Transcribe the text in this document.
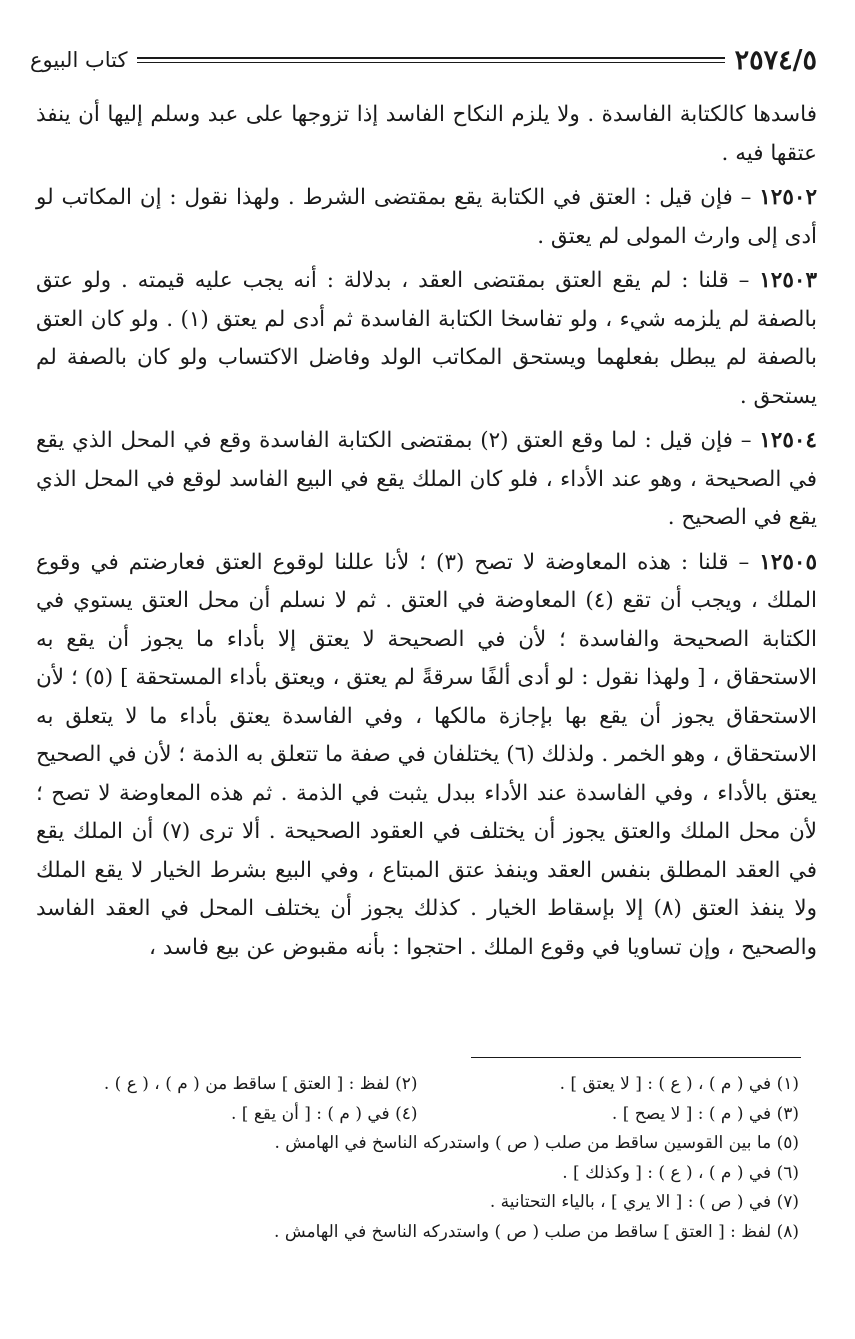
٢٥٧٤/٥
كتاب البيوع

فاسدها كالكتابة الفاسدة . ولا يلزم النكاح الفاسد إذا تزوجها على عبد وسلم إليها أن ينفذ عتقها فيه .

١٢٥٠٢ – فإن قيل : العتق في الكتابة يقع بمقتضى الشرط . ولهذا نقول : إن المكاتب لو أدى إلى وارث المولى لم يعتق .

١٢٥٠٣ – قلنا : لم يقع العتق بمقتضى العقد ، بدلالة : أنه يجب عليه قيمته . ولو عتق بالصفة لم يلزمه شيء ، ولو تفاسخا الكتابة الفاسدة ثم أدى لم يعتق (١) . ولو كان العتق بالصفة لم يبطل بفعلهما ويستحق المكاتب الولد وفاضل الاكتساب ولو كان بالصفة لم يستحق .

١٢٥٠٤ – فإن قيل : لما وقع العتق (٢) بمقتضى الكتابة الفاسدة وقع في المحل الذي يقع في الصحيحة ، وهو عند الأداء ، فلو كان الملك يقع في البيع الفاسد لوقع في المحل الذي يقع في الصحيح .

١٢٥٠٥ – قلنا : هذه المعاوضة لا تصح (٣) ؛ لأنا عللنا لوقوع العتق فعارضتم في وقوع الملك ، ويجب أن تقع (٤) المعاوضة في العتق . ثم لا نسلم أن محل العتق يستوي في الكتابة الصحيحة والفاسدة ؛ لأن في الصحيحة لا يعتق إلا بأداء ما يجوز أن يقع به الاستحقاق ، [ ولهذا نقول : لو أدى ألفًا سرقةً لم يعتق ، ويعتق بأداء المستحقة ] (٥) ؛ لأن الاستحقاق يجوز أن يقع بها بإجازة مالكها ، وفي الفاسدة يعتق بأداء ما لا يتعلق به الاستحقاق ، وهو الخمر . ولذلك (٦) يختلفان في صفة ما تتعلق به الذمة ؛ لأن في الصحيح يعتق بالأداء ، وفي الفاسدة عند الأداء ببدل يثبت في الذمة . ثم هذه المعاوضة لا تصح ؛ لأن محل الملك والعتق يجوز أن يختلف في العقود الصحيحة . ألا ترى (٧) أن الملك يقع في العقد المطلق بنفس العقد وينفذ عتق المبتاع ، وفي البيع بشرط الخيار لا يقع الملك ولا ينفذ العتق (٨) إلا بإسقاط الخيار . كذلك يجوز أن يختلف المحل في العقد الفاسد والصحيح ، وإن تساويا في وقوع الملك . احتجوا : بأنه مقبوض عن بيع فاسد ،

(١) في ( م ) ، ( ع ) : [ لا يعتق ] .
(٢) لفظ : [ العتق ] ساقط من ( م ) ، ( ع ) .
(٣) في ( م ) : [ لا يصح ] .
(٤) في ( م ) : [ أن يقع ] .
(٥) ما بين القوسين ساقط من صلب ( ص ) واستدركه الناسخ في الهامش .
(٦) في ( م ) ، ( ع ) : [ وكذلك ] .
(٧) في ( ص ) : [ الا يري ] ، بالياء التحتانية .
(٨) لفظ : [ العتق ] ساقط من صلب ( ص ) واستدركه الناسخ في الهامش .
